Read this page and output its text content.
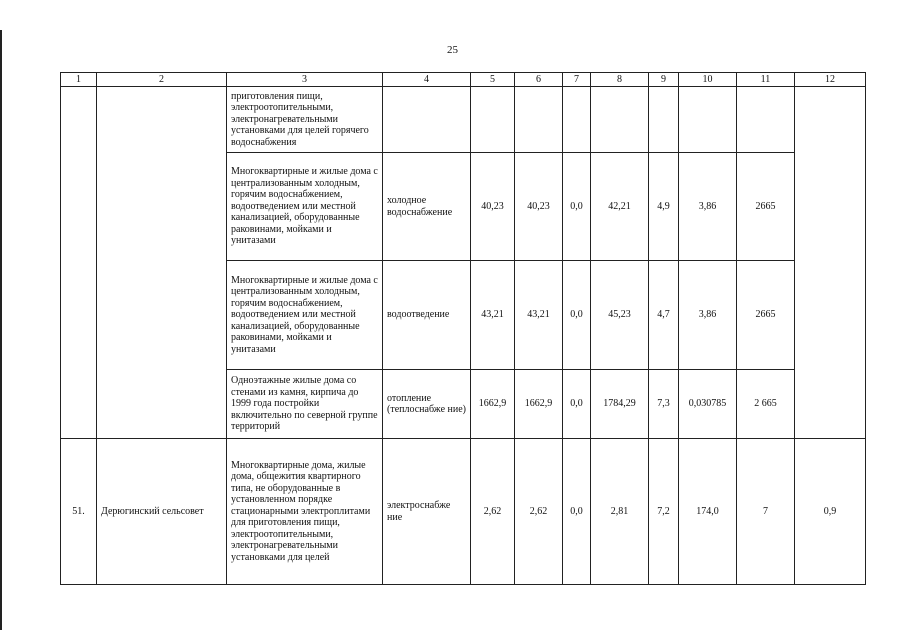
25
1	2	3	4	5	6	7	8	9	10	11	12
		приготовления пищи, электроотопительными, электронагревательными установками для целей горячего водоснабжения									
		Многоквартирные и жилые дома с централизованным холодным, горячим водоснабжением, водоотведением или местной канализацией, оборудованные раковинами, мойками и унитазами	холодное водоснабжение	40,23	40,23	0,0	42,21	4,9	3,86	2665	
		Многоквартирные и жилые дома с централизованным холодным, горячим водоснабжением, водоотведением или местной канализацией, оборудованные раковинами, мойками и унитазами	водоотведение	43,21	43,21	0,0	45,23	4,7	3,86	2665	
		Одноэтажные жилые дома со стенами из камня, кирпича до 1999 года постройки включительно по северной группе территорий	отопление (теплоснабже ние)	1662,9	1662,9	0,0	1784,29	7,3	0,030785	2 665	
51.	Дерюгинский сельсовет	Многоквартирные дома, жилые дома, общежития квартирного типа, не оборудованные в установленном порядке стационарными электроплитами для приготовления пищи, электроотопительными, электронагревательными установками для целей	электроснабже ние	2,62	2,62	0,0	2,81	7,2	174,0	7	0,9
